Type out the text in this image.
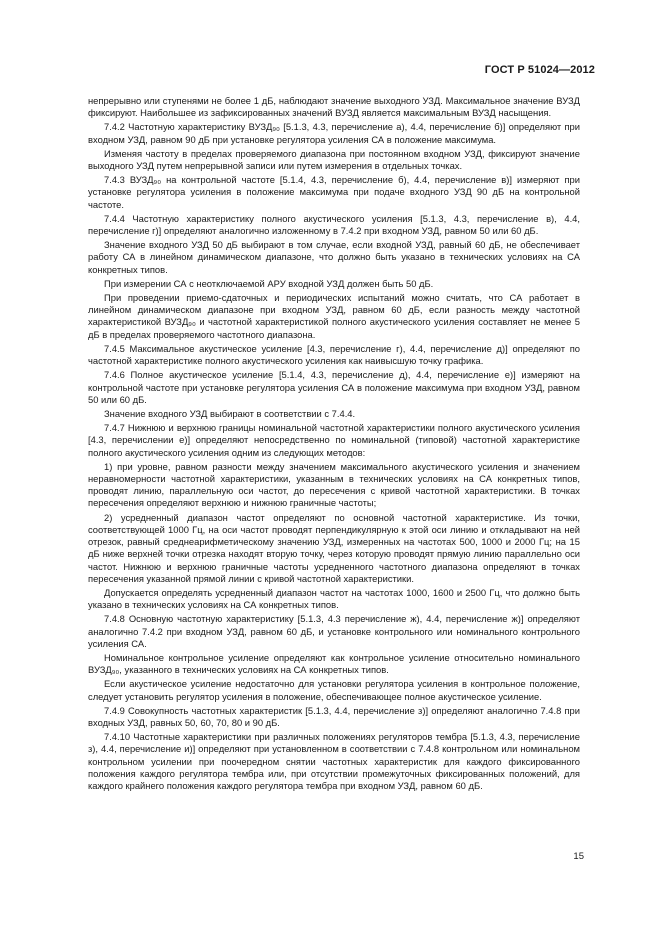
ГОСТ Р 51024—2012

непрерывно или ступенями не более 1 дБ, наблюдают значение выходного УЗД. Максимальное значение ВУЗД фиксируют. Наибольшее из зафиксированных значений ВУЗД является максимальным ВУЗД насыщения.

7.4.2 Частотную характеристику ВУЗД₉₀ [5.1.3, 4.3, перечисление а), 4.4, перечисление б)] определяют при входном УЗД, равном 90 дБ при установке регулятора усиления СА в положение максимума.

Изменяя частоту в пределах проверяемого диапазона при постоянном входном УЗД, фиксируют значение выходного УЗД путем непрерывной записи или путем измерения в отдельных точках.

7.4.3 ВУЗД₉₀ на контрольной частоте [5.1.4, 4.3, перечисление б), 4.4, перечисление в)] измеряют при установке регулятора усиления в положение максимума при подаче входного УЗД 90 дБ на контрольной частоте.

7.4.4 Частотную характеристику полного акустического усиления [5.1.3, 4.3, перечисление в), 4.4, перечисление г)] определяют аналогично изложенному в 7.4.2 при входном УЗД, равном 50 или 60 дБ.

Значение входного УЗД 50 дБ выбирают в том случае, если входной УЗД, равный 60 дБ, не обеспечивает работу СА в линейном динамическом диапазоне, что должно быть указано в технических условиях на СА конкретных типов.

При измерении СА с неотключаемой АРУ входной УЗД должен быть 50 дБ.

При проведении приемо-сдаточных и периодических испытаний можно считать, что СА работает в линейном динамическом диапазоне при входном УЗД, равном 60 дБ, если разность между частотной характеристикой ВУЗД₉₀ и частотной характеристикой полного акустического усиления составляет не менее 5 дБ в пределах проверяемого частотного диапазона.

7.4.5 Максимальное акустическое усиление [4.3, перечисление г), 4.4, перечисление д)] определяют по частотной характеристике полного акустического усиления как наивысшую точку графика.

7.4.6 Полное акустическое усиление [5.1.4, 4.3, перечисление д), 4.4, перечисление е)] измеряют на контрольной частоте при установке регулятора усиления СА в положение максимума при входном УЗД, равном 50 или 60 дБ.

Значение входного УЗД выбирают в соответствии с 7.4.4.

7.4.7 Нижнюю и верхнюю границы номинальной частотной характеристики полного акустического усиления [4.3, перечислении е)] определяют непосредственно по номинальной (типовой) частотной характеристике полного акустического усиления одним из следующих методов:

1) при уровне, равном разности между значением максимального акустического усиления и значением неравномерности частотной характеристики, указанным в технических условиях на СА конкретных типов, проводят линию, параллельную оси частот, до пересечения с кривой частотной характеристики. В точках пересечения определяют верхнюю и нижнюю граничные частоты;

2) усредненный диапазон частот определяют по основной частотной характеристике. Из точки, соответствующей 1000 Гц, на оси частот проводят перпендикулярную к этой оси линию и откладывают на ней отрезок, равный среднеарифметическому значению УЗД, измеренных на частотах 500, 1000 и 2000 Гц; на 15 дБ ниже верхней точки отрезка находят вторую точку, через которую проводят прямую линию параллельно оси частот. Нижнюю и верхнюю граничные частоты усредненного частотного диапазона определяют в точках пересечения указанной прямой линии с кривой частотной характеристики.

Допускается определять усредненный диапазон частот на частотах 1000, 1600 и 2500 Гц, что должно быть указано в технических условиях на СА конкретных типов.

7.4.8 Основную частотную характеристику [5.1.3, 4.3 перечисление ж), 4.4, перечисление ж)] определяют аналогично 7.4.2 при входном УЗД, равном 60 дБ, и установке контрольного или номинального контрольного усиления СА.

Номинальное контрольное усиление определяют как контрольное усиление относительно номинального ВУЗД₉₀, указанного в технических условиях на СА конкретных типов.

Если акустическое усиление недостаточно для установки регулятора усиления в контрольное положение, следует установить регулятор усиления в положение, обеспечивающее полное акустическое усиление.

7.4.9 Совокупность частотных характеристик [5.1.3, 4.4, перечисление з)] определяют аналогично 7.4.8 при входных УЗД, равных 50, 60, 70, 80 и 90 дБ.

7.4.10 Частотные характеристики при различных положениях регуляторов тембра [5.1.3, 4.3, перечисление з), 4.4, перечисление и)] определяют при установленном в соответствии с 7.4.8 контрольном или номинальном контрольном усилении при поочередном снятии частотных характеристик для каждого фиксированного положения каждого регулятора тембра или, при отсутствии промежуточных фиксированных положений, для каждого крайнего положения каждого регулятора тембра при входном УЗД, равном 60 дБ.

15
